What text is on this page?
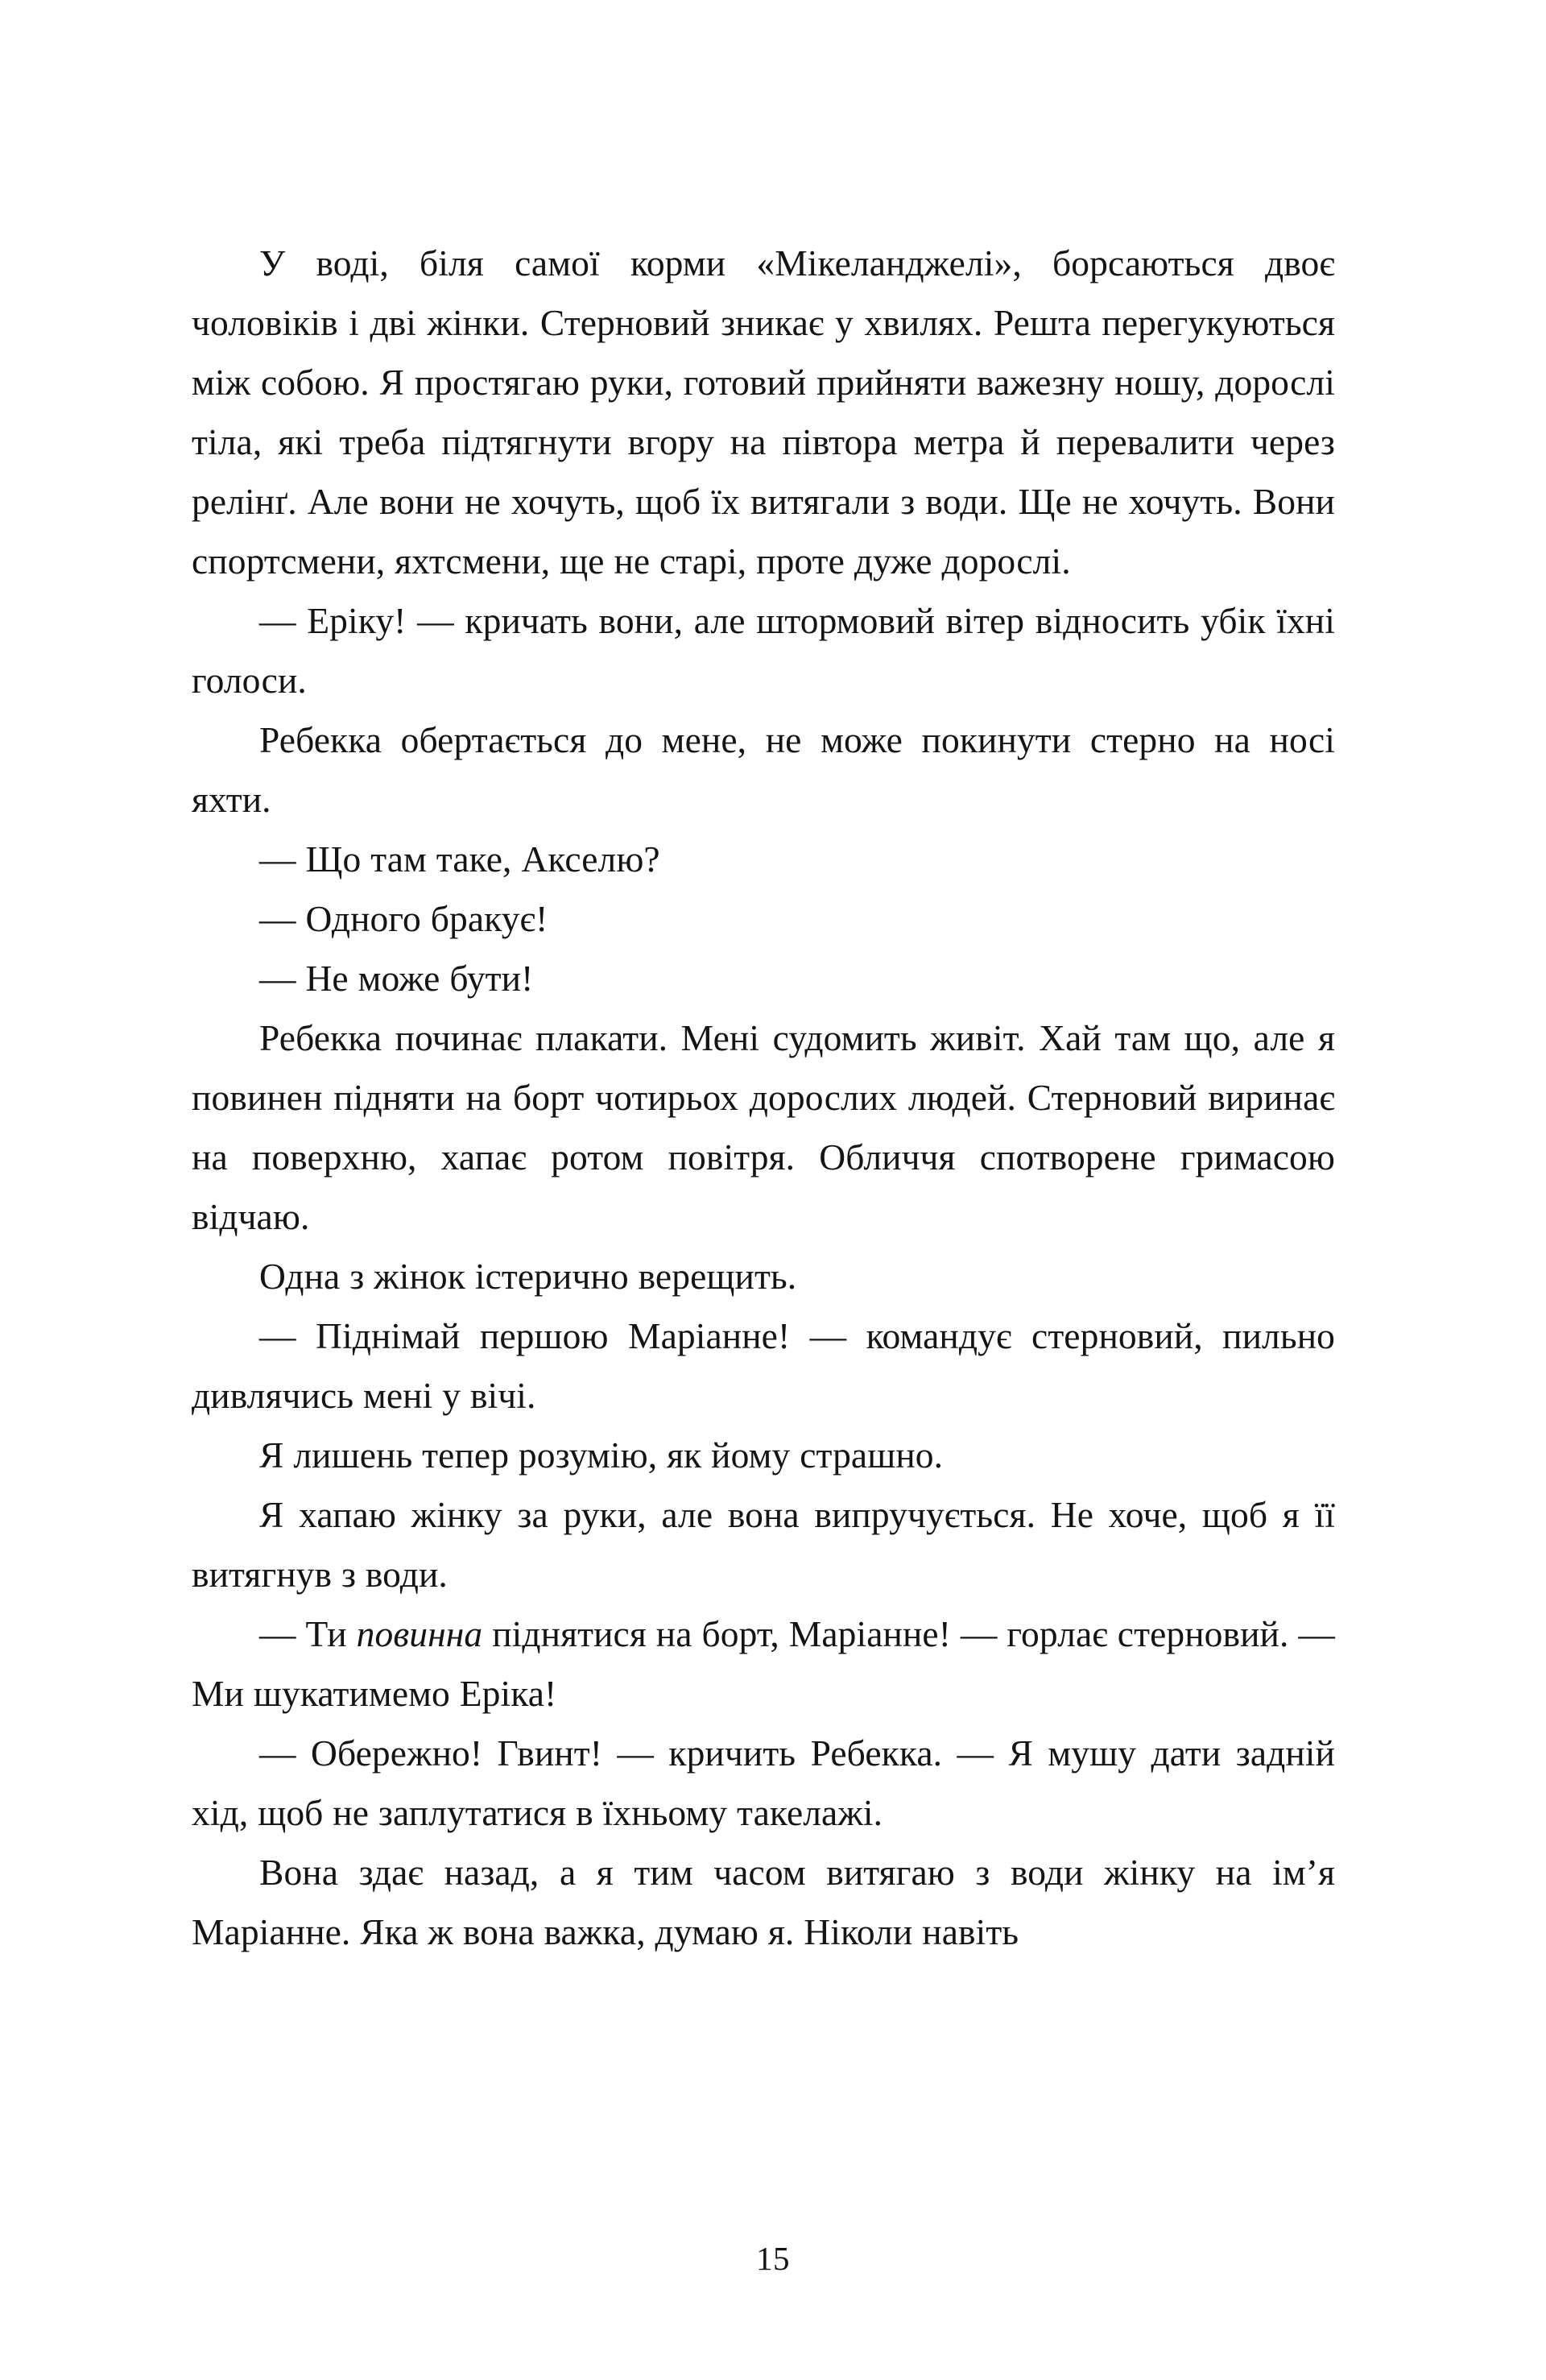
У воді, біля самої корми «Мікеланджелі», борсаються двоє чоловіків і дві жінки. Стерновий зникає у хвилях. Решта перегукуються між собою. Я простягаю руки, готовий прийняти важезну ношу, дорослі тіла, які треба підтягнути вгору на півтора метра й перевалити через релінґ. Але вони не хочуть, щоб їх витягали з води. Ще не хочуть. Вони спортсмени, яхтсмени, ще не старі, проте дуже дорослі.

— Еріку! — кричать вони, але штормовий вітер відносить убік їхні голоси.

Ребекка обертається до мене, не може покинути стерно на носі яхти.

— Що там таке, Акселю?

— Одного бракує!

— Не може бути!

Ребекка починає плакати. Мені судомить живіт. Хай там що, але я повинен підняти на борт чотирьох дорослих людей. Стерновий виринає на поверхню, хапає ротом повітря. Обличчя спотворене гримасою відчаю.

Одна з жінок істерично верещить.

— Піднімай першою Маріанне! — командує стерновий, пильно дивлячись мені у вічі.

Я лишень тепер розумію, як йому страшно.

Я хапаю жінку за руки, але вона випручується. Не хоче, щоб я її витягнув з води.

— Ти повинна піднятися на борт, Маріанне! — горлає стерновий. — Ми шукатимемо Еріка!

— Обережно! Гвинт! — кричить Ребекка. — Я мушу дати задній хід, щоб не заплутатися в їхньому такелажі.

Вона здає назад, а я тим часом витягаю з води жінку на ім’я Маріанне. Яка ж вона важка, думаю я. Ніколи навіть

15
